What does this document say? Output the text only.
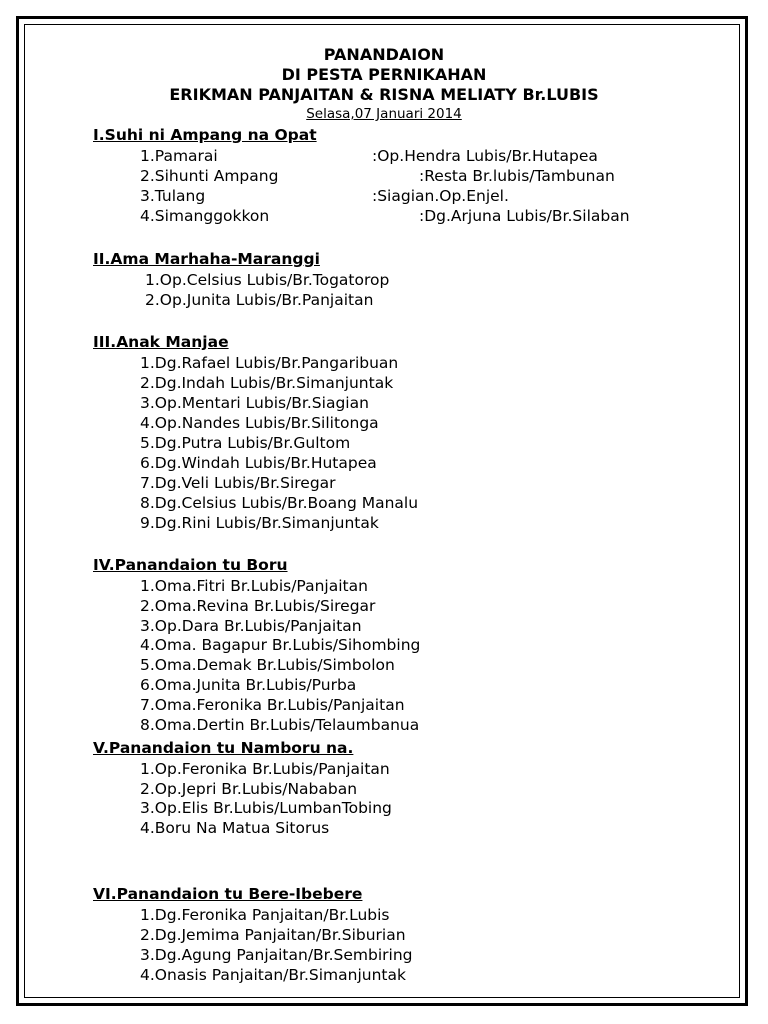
PANANDAION
DI PESTA PERNIKAHAN
ERIKMAN PANJAITAN & RISNA MELIATY Br.LUBIS
Selasa,07 Januari 2014
I.Suhi ni Ampang na Opat
1.Pamarai	:Op.Hendra Lubis/Br.Hutapea
2.Sihunti Ampang	:Resta Br.lubis/Tambunan
3.Tulang	:Siagian.Op.Enjel.
4.Simanggokkon	:Dg.Arjuna Lubis/Br.Silaban
II.Ama Marhaha-Maranggi
1.Op.Celsius Lubis/Br.Togatorop
2.Op.Junita Lubis/Br.Panjaitan
III.Anak Manjae
1.Dg.Rafael Lubis/Br.Pangaribuan
2.Dg.Indah Lubis/Br.Simanjuntak
3.Op.Mentari Lubis/Br.Siagian
4.Op.Nandes Lubis/Br.Silitonga
5.Dg.Putra Lubis/Br.Gultom
6.Dg.Windah Lubis/Br.Hutapea
7.Dg.Veli Lubis/Br.Siregar
8.Dg.Celsius Lubis/Br.Boang Manalu
9.Dg.Rini Lubis/Br.Simanjuntak
IV.Panandaion tu Boru
1.Oma.Fitri Br.Lubis/Panjaitan
2.Oma.Revina Br.Lubis/Siregar
3.Op.Dara Br.Lubis/Panjaitan
4.Oma. Bagapur Br.Lubis/Sihombing
5.Oma.Demak Br.Lubis/Simbolon
6.Oma.Junita Br.Lubis/Purba
7.Oma.Feronika Br.Lubis/Panjaitan
8.Oma.Dertin Br.Lubis/Telaumbanua
V.Panandaion tu Namboru na.
1.Op.Feronika Br.Lubis/Panjaitan
2.Op.Jepri Br.Lubis/Nababan
3.Op.Elis Br.Lubis/LumbanTobing
4.Boru Na Matua Sitorus
VI.Panandaion tu Bere-Ibebere
1.Dg.Feronika Panjaitan/Br.Lubis
2.Dg.Jemima Panjaitan/Br.Siburian
3.Dg.Agung Panjaitan/Br.Sembiring
4.Onasis Panjaitan/Br.Simanjuntak
